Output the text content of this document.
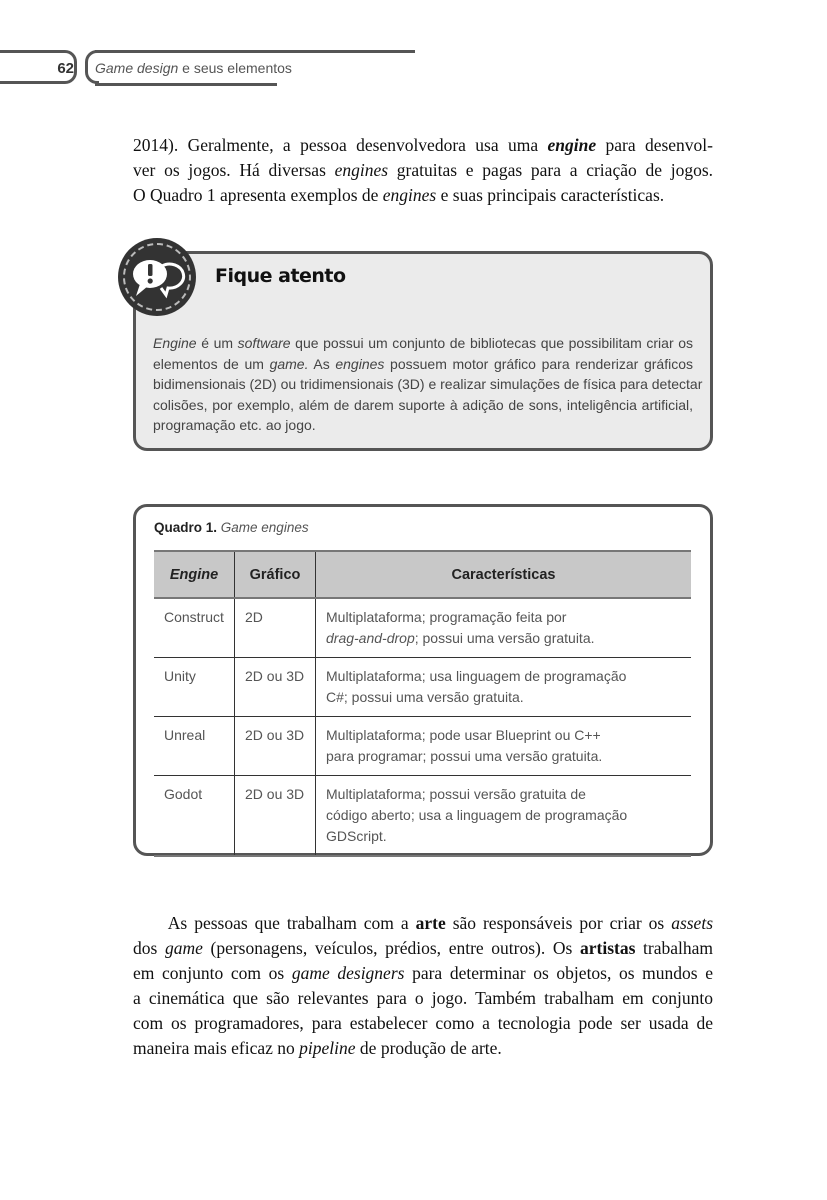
62 Game design e seus elementos
2014). Geralmente, a pessoa desenvolvedora usa uma engine para desenvol-
ver os jogos. Há diversas engines gratuitas e pagas para a criação de jogos.
O Quadro 1 apresenta exemplos de engines e suas principais características.
Fique atento
Engine é um software que possui um conjunto de bibliotecas que possibilitam criar os
elementos de um game. As engines possuem motor gráfico para renderizar gráficos
bidimensionais (2D) ou tridimensionais (3D) e realizar simulações de física para detectar
colisões, por exemplo, além de darem suporte à adição de sons, inteligência artificial,
programação etc. ao jogo.
Quadro 1. Game engines
Engine	Gráfico	Características
Construct	2D	Multiplataforma; programação feita por
drag-and-drop; possui uma versão gratuita.

Unity	2D ou 3D	Multiplataforma; usa linguagem de programação
C#; possui uma versão gratuita.

Unreal	2D ou 3D	Multiplataforma; pode usar Blueprint ou C++
para programar; possui uma versão gratuita.

Godot	2D ou 3D	Multiplataforma; possui versão gratuita de
código aberto; usa a linguagem de programação
GDScript.
As pessoas que trabalham com a arte são responsáveis por criar os assets
dos game (personagens, veículos, prédios, entre outros). Os artistas trabalham
em conjunto com os game designers para determinar os objetos, os mundos e
a cinemática que são relevantes para o jogo. Também trabalham em conjunto
com os programadores, para estabelecer como a tecnologia pode ser usada de
maneira mais eficaz no pipeline de produção de arte.
